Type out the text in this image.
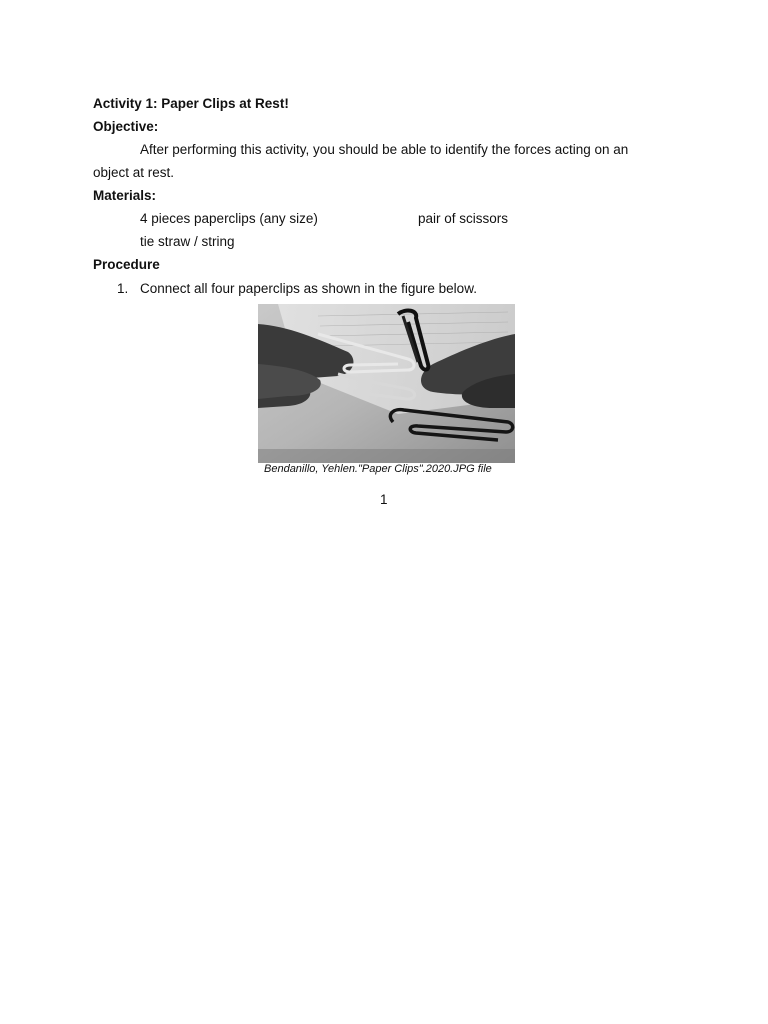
Activity 1: Paper Clips at Rest!
Objective:
After performing this activity, you should be able to identify the forces acting on an
object at rest.
Materials:
4 pieces paperclips (any size)	pair of scissors
tie straw / string
Procedure
1. Connect all four paperclips as shown in the figure below.
Bendanillo, Yehlen."Paper Clips".2020.JPG file
1
